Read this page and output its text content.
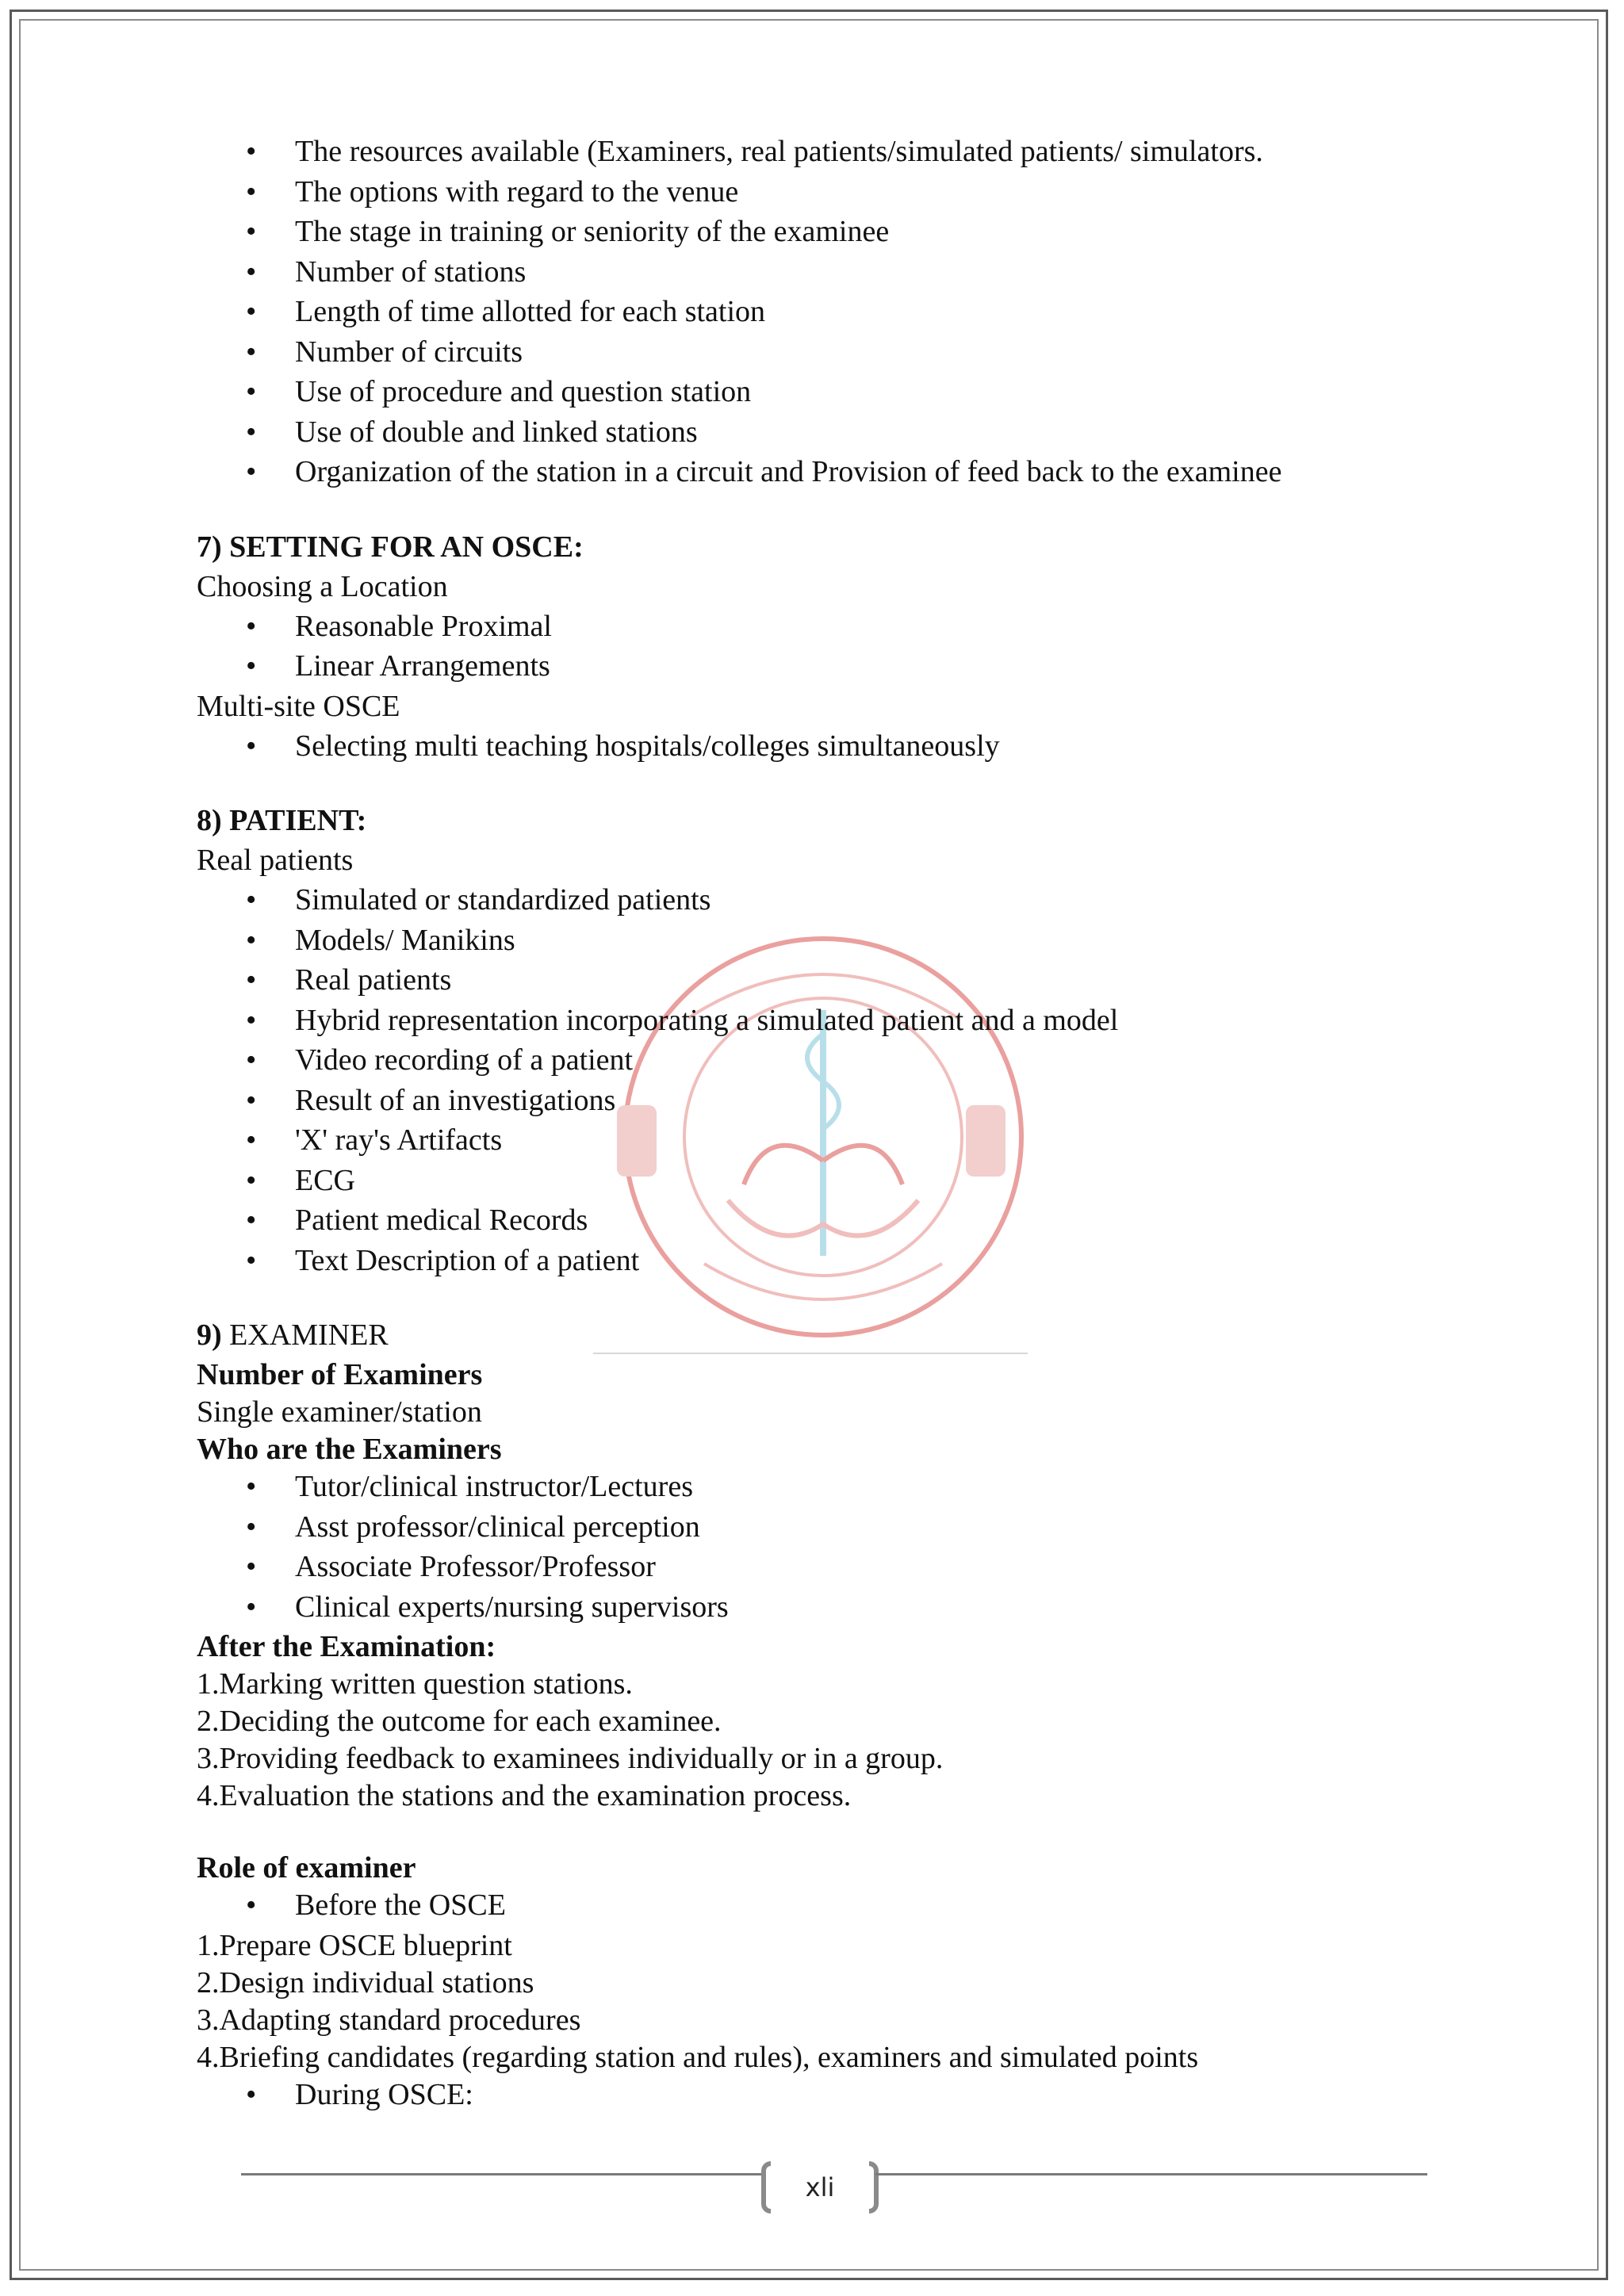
• The resources available (Examiners, real patients/simulated patients/ simulators.
• The options with regard to the venue
• The stage in training or seniority of the examinee
• Number of stations
• Length of time allotted for each station
• Number of circuits
• Use of procedure and question station
• Use of double and linked stations
• Organization of the station in a circuit and Provision of feed back to the examinee
7) SETTING FOR AN OSCE:
Choosing a Location
• Reasonable Proximal
• Linear Arrangements
Multi-site OSCE
• Selecting multi teaching hospitals/colleges simultaneously
8) PATIENT:
Real patients
• Simulated or standardized patients
• Models/ Manikins
• Real patients
• Hybrid representation incorporating a simulated patient and a model
• Video recording of a patient
• Result of an investigations
• 'X' ray's Artifacts
• ECG
• Patient medical Records
• Text Description of a patient
9) EXAMINER
Number of Examiners
Single examiner/station
Who are the Examiners
• Tutor/clinical instructor/Lectures
• Asst professor/clinical perception
• Associate Professor/Professor
• Clinical experts/nursing supervisors
After the Examination:
1.Marking written question stations.
2.Deciding the outcome for each examinee.
3.Providing feedback to examinees individually or in a group.
4.Evaluation the stations and the examination process.
Role of examiner
• Before the OSCE
1.Prepare OSCE blueprint
2.Design individual stations
3.Adapting standard procedures
4.Briefing candidates (regarding station and rules), examiners and simulated points
• During OSCE:
xli
